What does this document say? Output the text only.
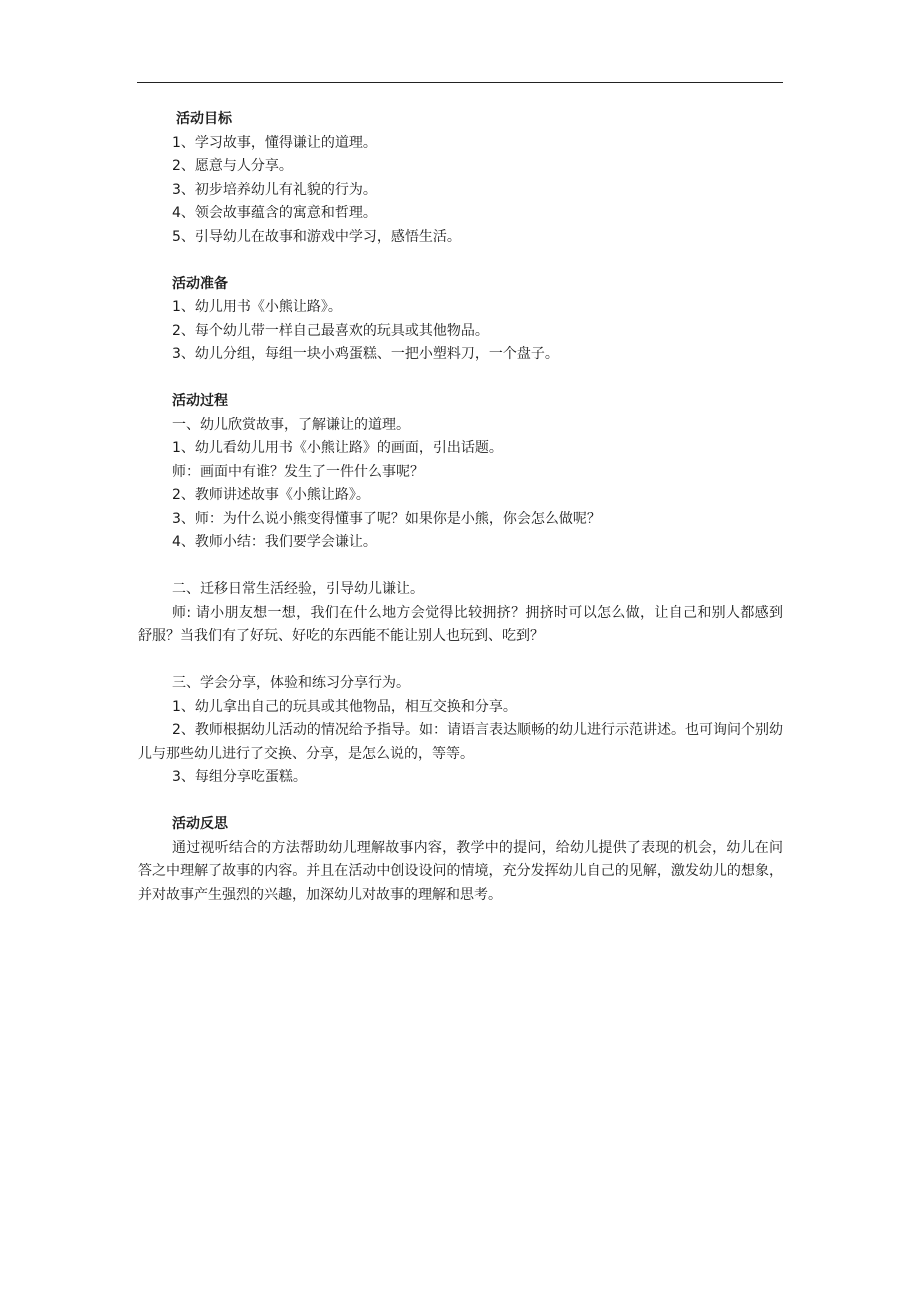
活动目标

1、学习故事，懂得谦让的道理。

2、愿意与人分享。

3、初步培养幼儿有礼貌的行为。

4、领会故事蕴含的寓意和哲理。

5、引导幼儿在故事和游戏中学习，感悟生活。

活动准备

1、幼儿用书《小熊让路》。

2、每个幼儿带一样自己最喜欢的玩具或其他物品。

3、幼儿分组，每组一块小鸡蛋糕、一把小塑料刀，一个盘子。

活动过程

一、幼儿欣赏故事，了解谦让的道理。

1、幼儿看幼儿用书《小熊让路》的画面，引出话题。

师：画面中有谁？发生了一件什么事呢？

2、教师讲述故事《小熊让路》。

3、师：为什么说小熊变得懂事了呢？如果你是小熊，你会怎么做呢？

4、教师小结：我们要学会谦让。

二、迁移日常生活经验，引导幼儿谦让。

师: 请小朋友想一想，我们在什么地方会觉得比较拥挤？拥挤时可以怎么做，让自己和别人都感到舒服？当我们有了好玩、好吃的东西能不能让别人也玩到、吃到？

三、学会分享，体验和练习分享行为。

1、幼儿拿出自己的玩具或其他物品，相互交换和分享。

2、教师根据幼儿活动的情况给予指导。如：请语言表达顺畅的幼儿进行示范讲述。也可询问个别幼儿与那些幼儿进行了交换、分享，是怎么说的，等等。

3、每组分享吃蛋糕。

活动反思

通过视听结合的方法帮助幼儿理解故事内容，教学中的提问，给幼儿提供了表现的机会，幼儿在问答之中理解了故事的内容。并且在活动中创设设问的情境，充分发挥幼儿自己的见解，激发幼儿的想象，并对故事产生强烈的兴趣，加深幼儿对故事的理解和思考。
